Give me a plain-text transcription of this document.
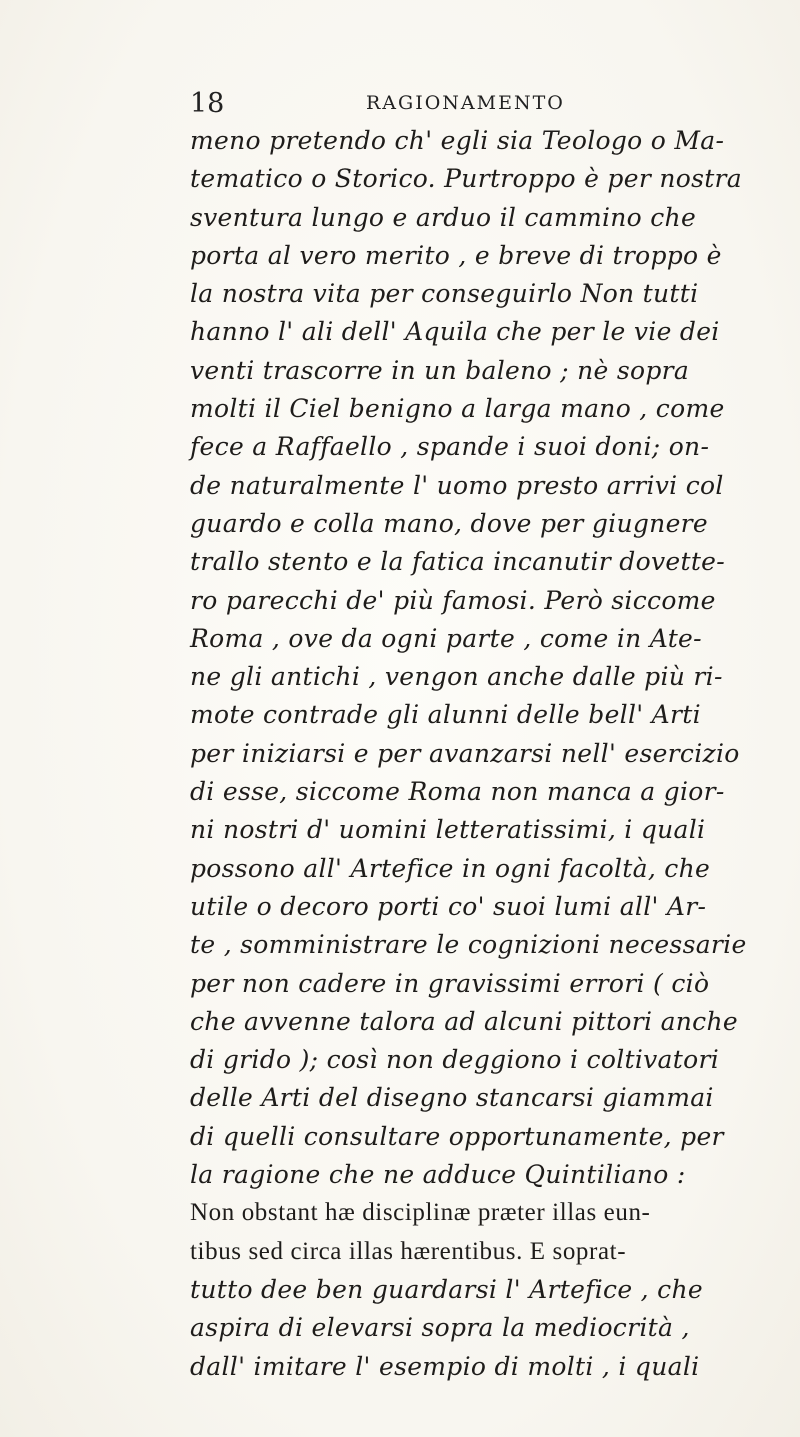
18	RAGIONAMENTO
meno pretendo ch' egli sia Teologo o Ma-
tematico o Storico. Purtroppo è per nostra
sventura lungo e arduo il cammino che
porta al vero merito , e breve di troppo è
la nostra vita per conseguirlo Non tutti
hanno l' ali dell' Aquila che per le vie dei
venti trascorre in un baleno ; nè sopra
molti il Ciel benigno a larga mano , come
fece a Raffaello , spande i suoi doni; on-
de naturalmente l' uomo presto arrivi col
guardo e colla mano, dove per giugnere
trallo stento e la fatica incanutir dovette-
ro parecchi de' più famosi. Però siccome
Roma , ove da ogni parte , come in Ate-
ne gli antichi , vengon anche dalle più ri-
mote contrade gli alunni delle bell' Arti
per iniziarsi e per avanzarsi nell' esercizio
di esse, siccome Roma non manca a gior-
ni nostri d' uomini letteratissimi, i quali
possono all' Artefice in ogni facoltà, che
utile o decoro porti co' suoi lumi all' Ar-
te , somministrare le cognizioni necessarie
per non cadere in gravissimi errori ( ciò
che avvenne talora ad alcuni pittori anche
di grido ); così non deggiono i coltivatori
delle Arti del disegno stancarsi giammai
di quelli consultare opportunamente, per
la ragione che ne adduce Quintiliano :
Non obstant hæ disciplinæ præter illas eun-
tibus sed circa illas hærentibus. E soprat-
tutto dee ben guardarsi l' Artefice , che
aspira di elevarsi sopra la mediocrità ,
dall' imitare l' esempio di molti , i quali
